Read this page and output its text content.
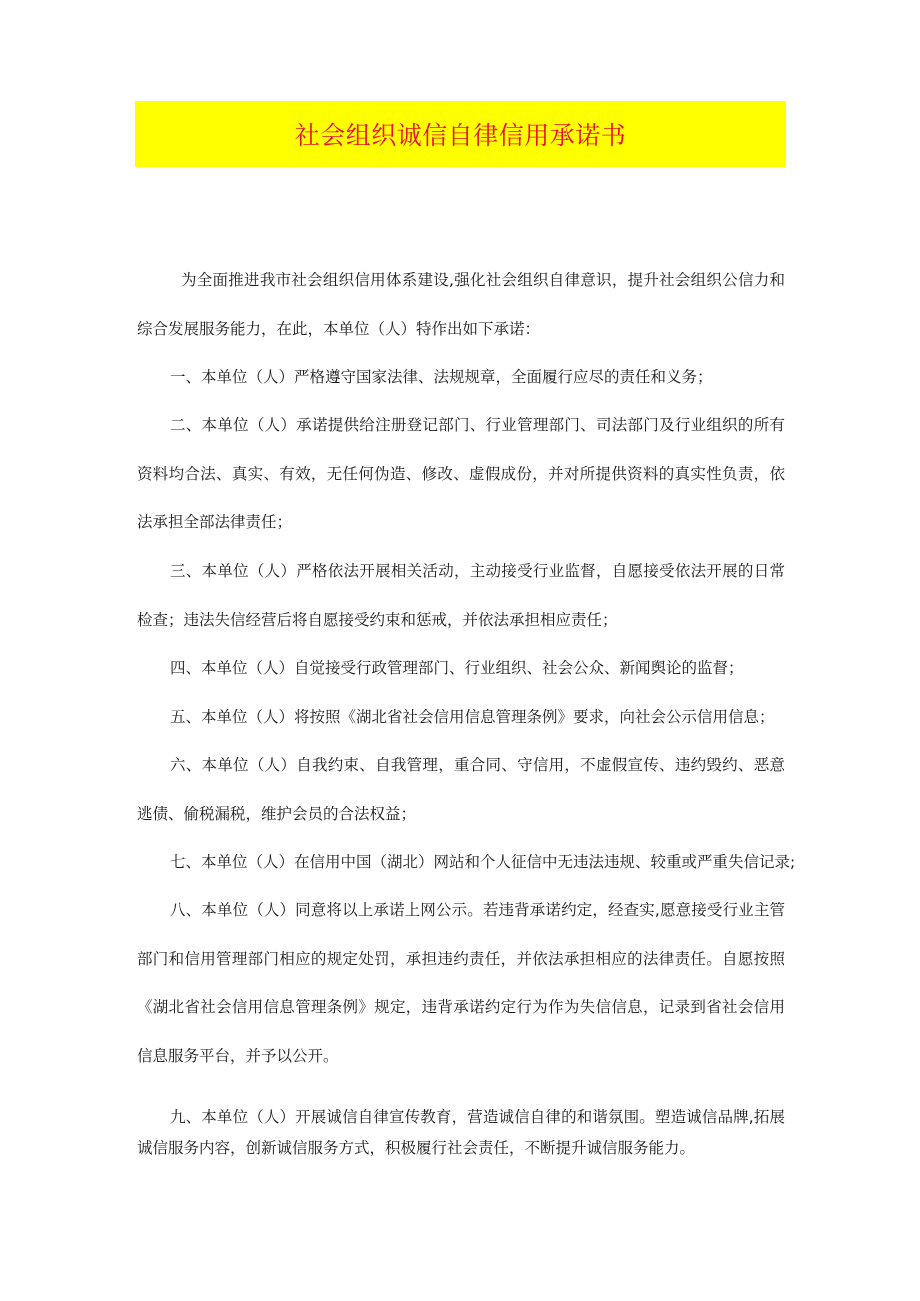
社会组织诚信自律信用承诺书

为全面推进我市社会组织信用体系建设,强化社会组织自律意识，提升社会组织公信力和综合发展服务能力，在此，本单位（人）特作出如下承诺：

一、本单位（人）严格遵守国家法律、法规规章，全面履行应尽的责任和义务；

二、本单位（人）承诺提供给注册登记部门、行业管理部门、司法部门及行业组织的所有资料均合法、真实、有效，无任何伪造、修改、虚假成份，并对所提供资料的真实性负责，依法承担全部法律责任；

三、本单位（人）严格依法开展相关活动，主动接受行业监督，自愿接受依法开展的日常检查；违法失信经营后将自愿接受约束和惩戒，并依法承担相应责任；

四、本单位（人）自觉接受行政管理部门、行业组织、社会公众、新闻舆论的监督；

五、本单位（人）将按照《湖北省社会信用信息管理条例》要求，向社会公示信用信息；

六、本单位（人）自我约束、自我管理，重合同、守信用，不虚假宣传、违约毁约、恶意逃债、偷税漏税，维护会员的合法权益；

七、本单位（人）在信用中国（湖北）网站和个人征信中无违法违规、较重或严重失信记录;

八、本单位（人）同意将以上承诺上网公示。若违背承诺约定，经查实,愿意接受行业主管部门和信用管理部门相应的规定处罚，承担违约责任，并依法承担相应的法律责任。自愿按照《湖北省社会信用信息管理条例》规定，违背承诺约定行为作为失信信息，记录到省社会信用信息服务平台，并予以公开。

九、本单位（人）开展诚信自律宣传教育，营造诚信自律的和谐氛围。塑造诚信品牌,拓展诚信服务内容，创新诚信服务方式，积极履行社会责任，不断提升诚信服务能力。
